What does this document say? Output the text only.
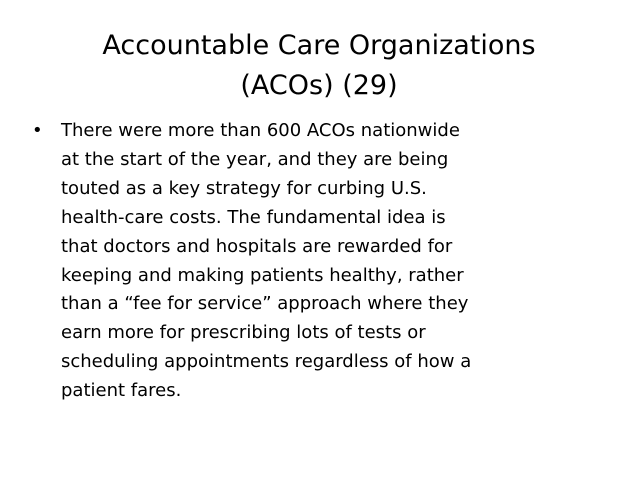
Accountable Care Organizations
(ACOs) (29)
• There were more than 600 ACOs nationwide
at the start of the year, and they are being
touted as a key strategy for curbing U.S.
health-care costs. The fundamental idea is
that doctors and hospitals are rewarded for
keeping and making patients healthy, rather
than a “fee for service” approach where they
earn more for prescribing lots of tests or
scheduling appointments regardless of how a
patient fares.
